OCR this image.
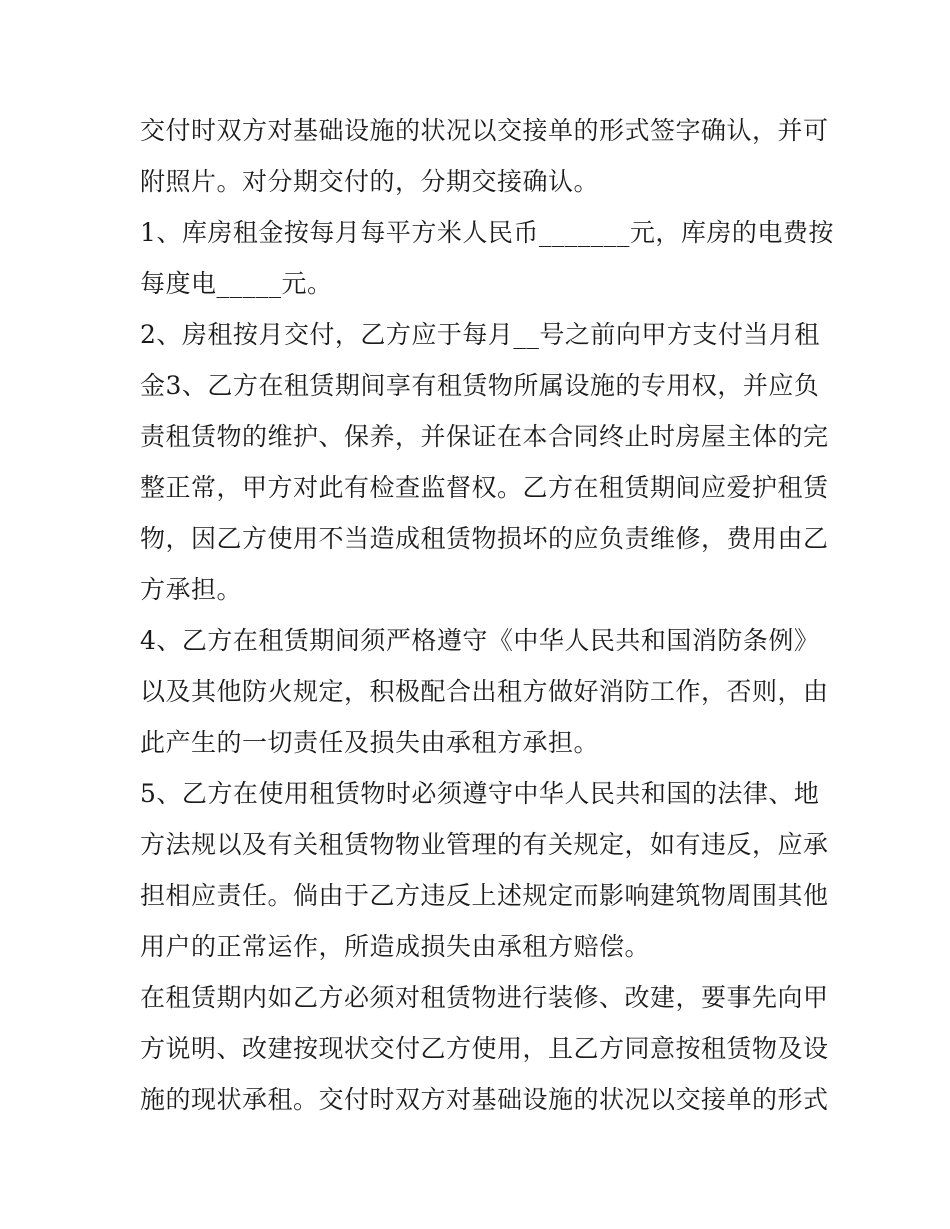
交付时双方对基础设施的状况以交接单的形式签字确认，并可
附照片。对分期交付的，分期交接确认。
1、库房租金按每月每平方米人民币_______元，库房的电费按
每度电_____元。
2、房租按月交付，乙方应于每月__号之前向甲方支付当月租
金3、乙方在租赁期间享有租赁物所属设施的专用权，并应负
责租赁物的维护、保养，并保证在本合同终止时房屋主体的完
整正常，甲方对此有检查监督权。乙方在租赁期间应爱护租赁
物，因乙方使用不当造成租赁物损坏的应负责维修，费用由乙
方承担。
4、乙方在租赁期间须严格遵守《中华人民共和国消防条例》
以及其他防火规定，积极配合出租方做好消防工作，否则，由
此产生的一切责任及损失由承租方承担。
5、乙方在使用租赁物时必须遵守中华人民共和国的法律、地
方法规以及有关租赁物物业管理的有关规定，如有违反，应承
担相应责任。倘由于乙方违反上述规定而影响建筑物周围其他
用户的正常运作，所造成损失由承租方赔偿。
在租赁期内如乙方必须对租赁物进行装修、改建，要事先向甲
方说明、改建按现状交付乙方使用，且乙方同意按租赁物及设
施的现状承租。交付时双方对基础设施的状况以交接单的形式
